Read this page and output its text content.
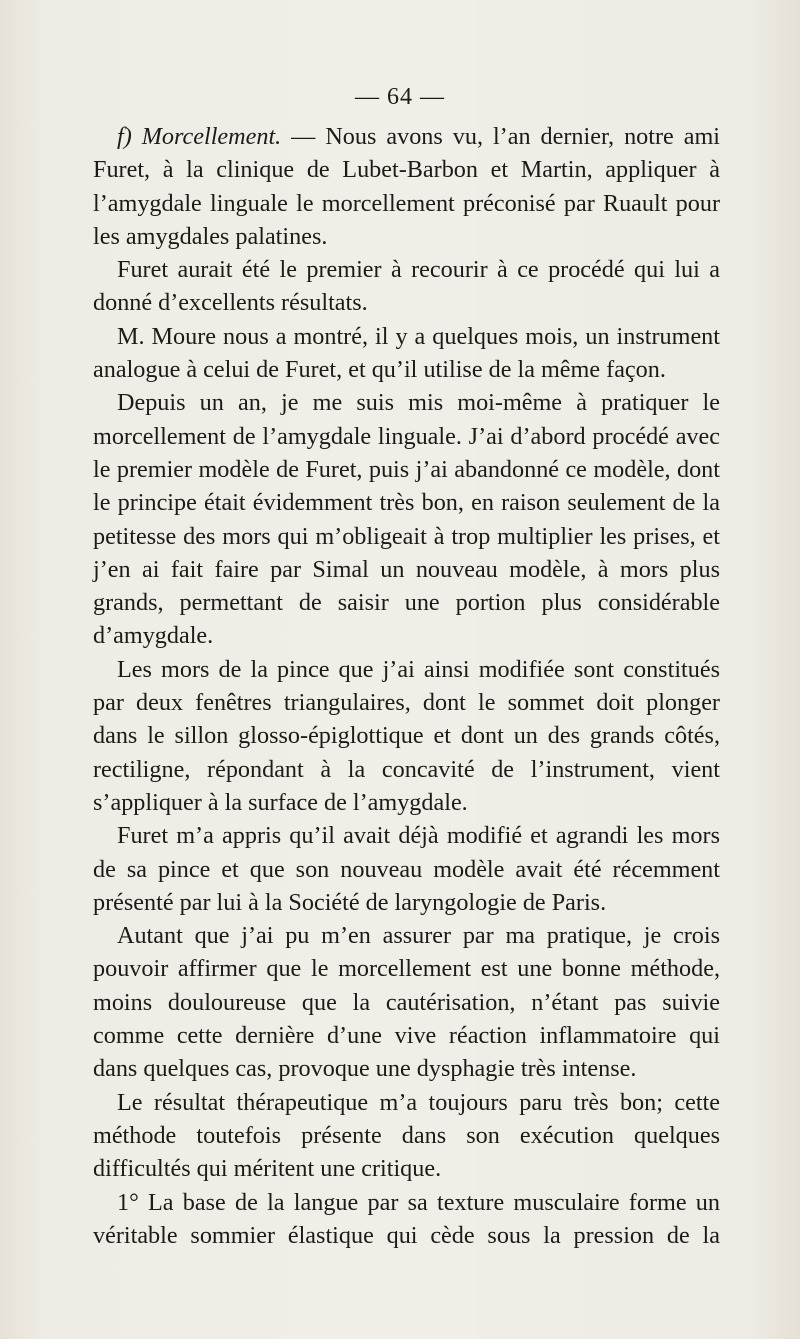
— 64 —

f) Morcellement. — Nous avons vu, l’an dernier, notre ami Furet, à la clinique de Lubet-Barbon et Martin, appliquer à l’amygdale linguale le morcellement préconisé par Ruault pour les amygdales palatines.

Furet aurait été le premier à recourir à ce procédé qui lui a donné d’excellents résultats.

M. Moure nous a montré, il y a quelques mois, un instrument analogue à celui de Furet, et qu’il utilise de la même façon.

Depuis un an, je me suis mis moi-même à pratiquer le morcellement de l’amygdale linguale. J’ai d’abord procédé avec le premier modèle de Furet, puis j’ai abandonné ce modèle, dont le principe était évidemment très bon, en raison seulement de la petitesse des mors qui m’obligeait à trop multiplier les prises, et j’en ai fait faire par Simal un nouveau modèle, à mors plus grands, permettant de saisir une portion plus considérable d’amygdale.

Les mors de la pince que j’ai ainsi modifiée sont constitués par deux fenêtres triangulaires, dont le sommet doit plonger dans le sillon glosso-épiglottique et dont un des grands côtés, rectiligne, répondant à la concavité de l’instrument, vient s’appliquer à la surface de l’amygdale.

Furet m’a appris qu’il avait déjà modifié et agrandi les mors de sa pince et que son nouveau modèle avait été récemment présenté par lui à la Société de laryngologie de Paris.

Autant que j’ai pu m’en assurer par ma pratique, je crois pouvoir affirmer que le morcellement est une bonne méthode, moins douloureuse que la cautérisation, n’étant pas suivie comme cette dernière d’une vive réaction inflammatoire qui dans quelques cas, provoque une dysphagie très intense.

Le résultat thérapeutique m’a toujours paru très bon; cette méthode toutefois présente dans son exécution quelques difficultés qui méritent une critique.

1° La base de la langue par sa texture musculaire forme un véritable sommier élastique qui cède sous la pression de la
